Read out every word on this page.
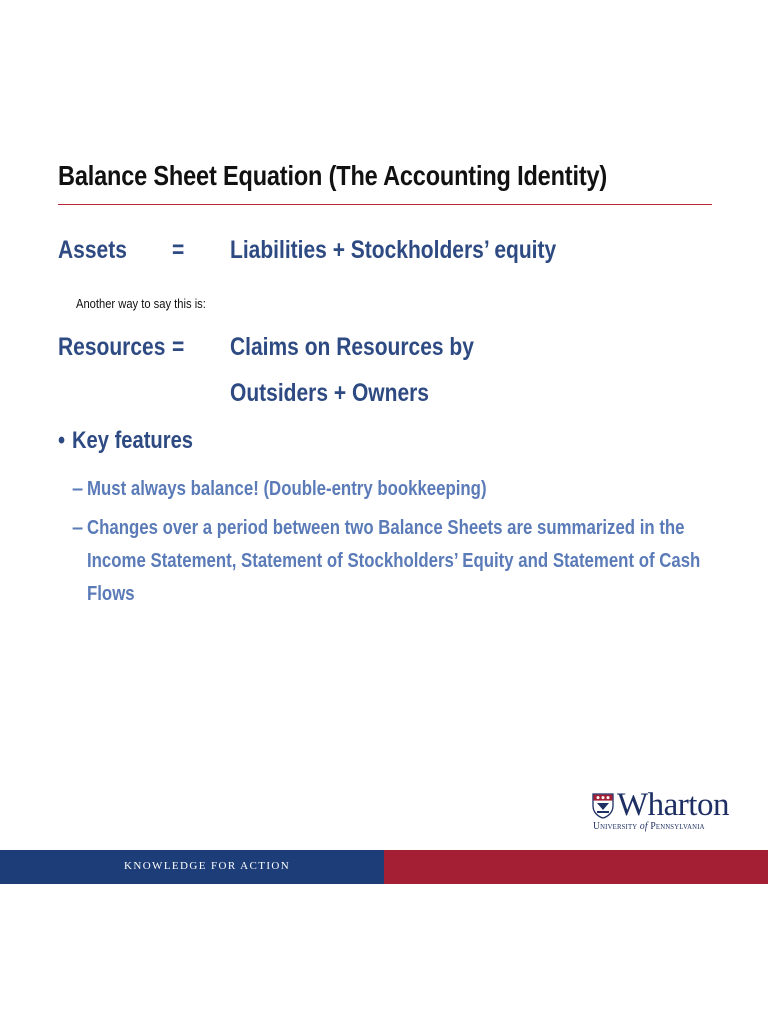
Balance Sheet Equation (The Accounting Identity)
Assets = Liabilities + Stockholders’ equity
Another way to say this is:
Resources = Claims on Resources by
Outsiders + Owners
• Key features
– Must always balance! (Double-entry bookkeeping)
– Changes over a period between two Balance Sheets are summarized in the
Income Statement, Statement of Stockholders’ Equity and Statement of Cash
Flows
Wharton
University of Pennsylvania
KNOWLEDGE FOR ACTION
